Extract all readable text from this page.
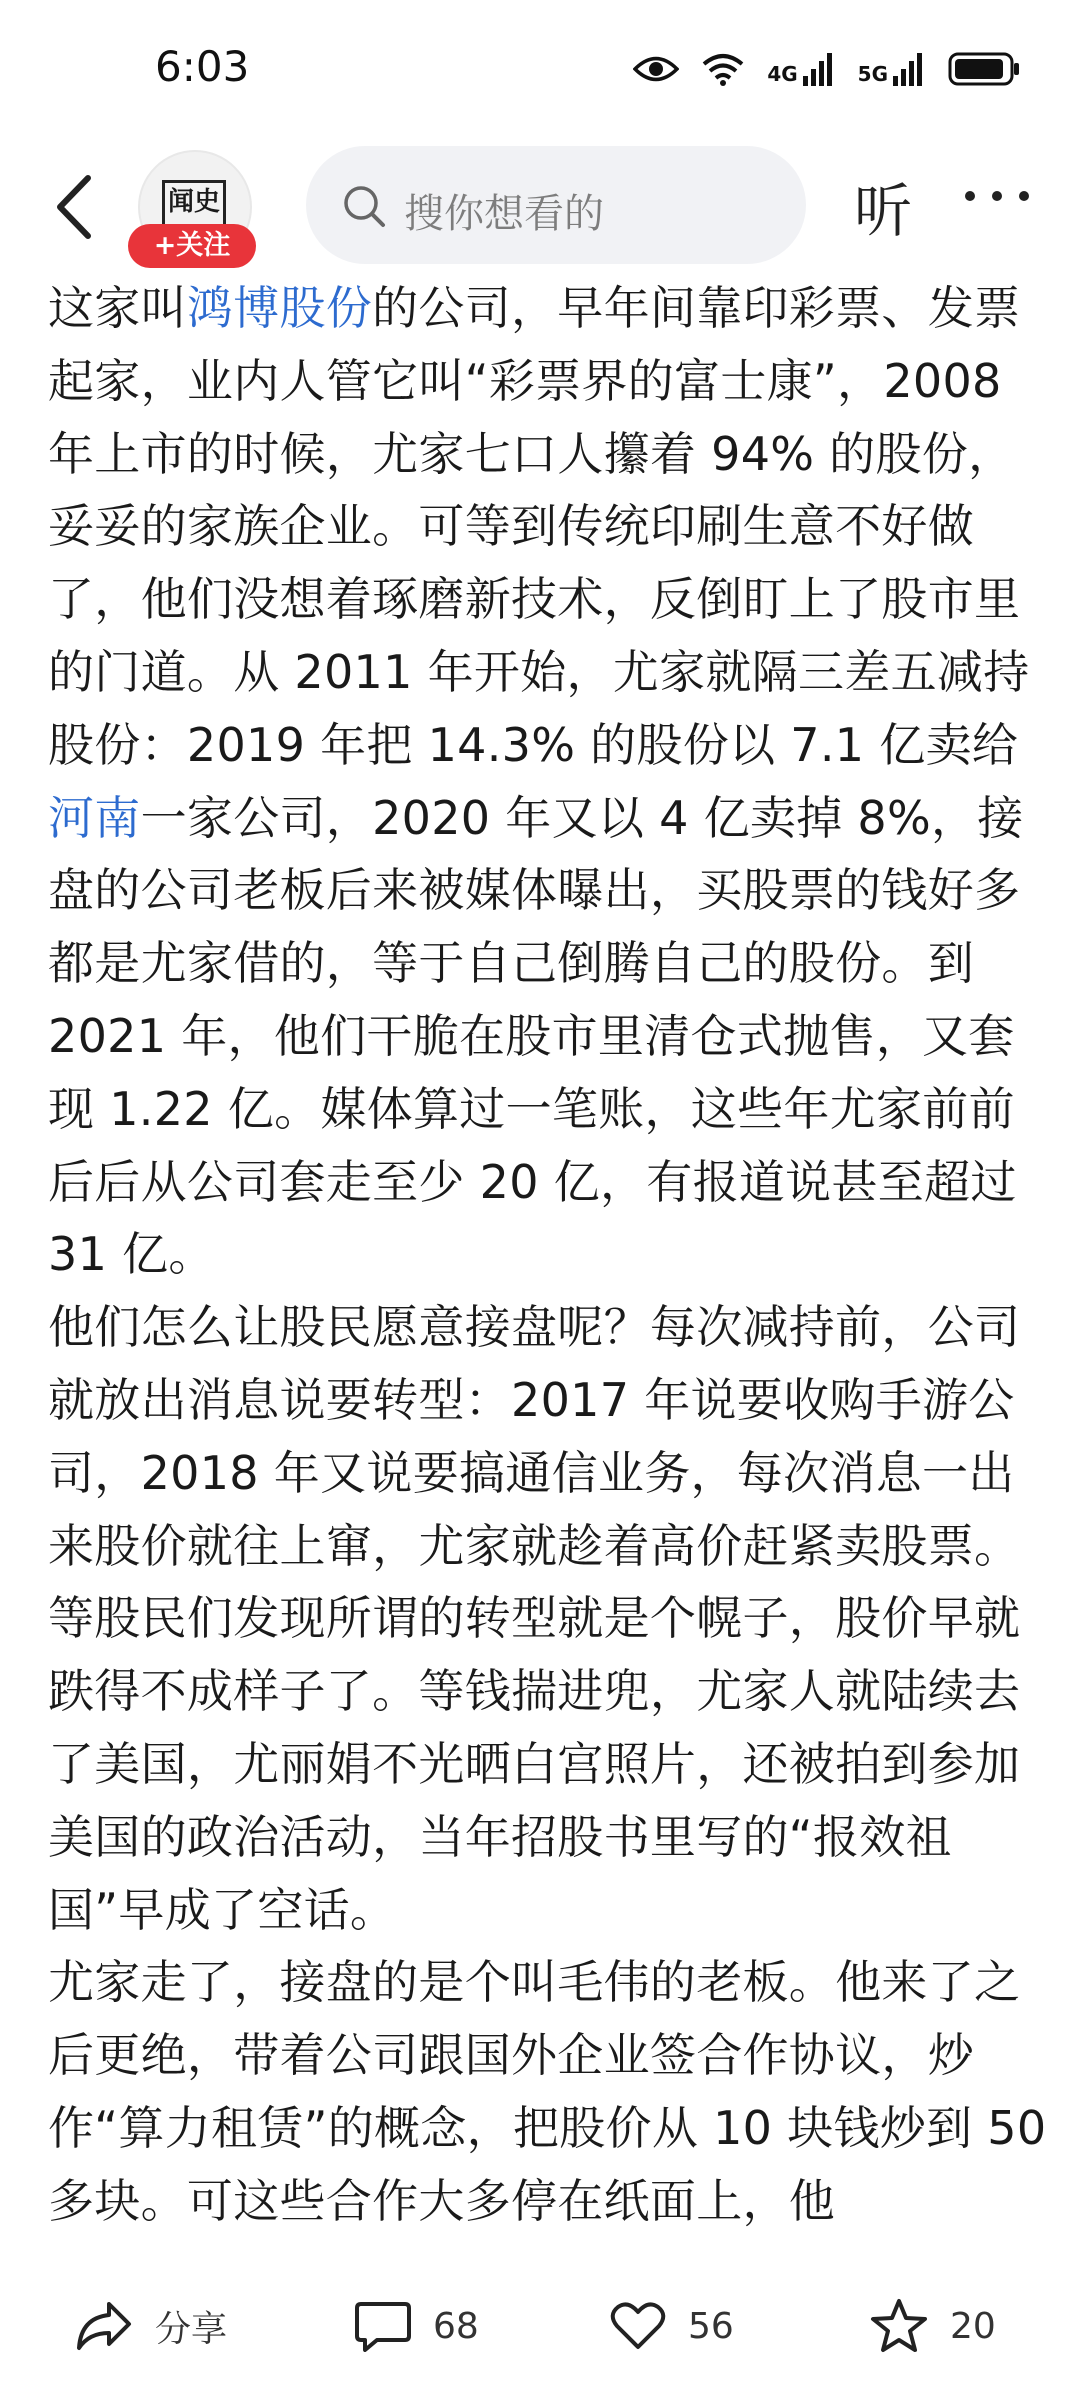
6:03	4G	5G
闻史
+关注
搜你想看的	听

这家叫鸿博股份的公司，早年间靠印彩票、发票起家，业内人管它叫“彩票界的富士康”，2008 年上市的时候，尤家七口人攥着 94% 的股份，妥妥的家族企业。可等到传统印刷生意不好做了，他们没想着琢磨新技术，反倒盯上了股市里的门道。从 2011 年开始，尤家就隔三差五减持股份：2019 年把 14.3% 的股份以 7.1 亿卖给河南一家公司，2020 年又以 4 亿卖掉 8%，接盘的公司老板后来被媒体曝出，买股票的钱好多都是尤家借的，等于自己倒腾自己的股份。到 2021 年，他们干脆在股市里清仓式抛售，又套现 1.22 亿。媒体算过一笔账，这些年尤家前前后后从公司套走至少 20 亿，有报道说甚至超过 31 亿。

他们怎么让股民愿意接盘呢？每次减持前，公司就放出消息说要转型：2017 年说要收购手游公司，2018 年又说要搞通信业务，每次消息一出来股价就往上窜，尤家就趁着高价赶紧卖股票。等股民们发现所谓的转型就是个幌子，股价早就跌得不成样子了。等钱揣进兜，尤家人就陆续去了美国，尤丽娟不光晒白宫照片，还被拍到参加美国的政治活动，当年招股书里写的“报效祖国”早成了空话。

尤家走了，接盘的是个叫毛伟的老板。他来了之后更绝，带着公司跟国外企业签合作协议，炒作“算力租赁”的概念，把股价从 10 块钱炒到 50 多块。可这些合作大多停在纸面上，他

分享	68	56	20
